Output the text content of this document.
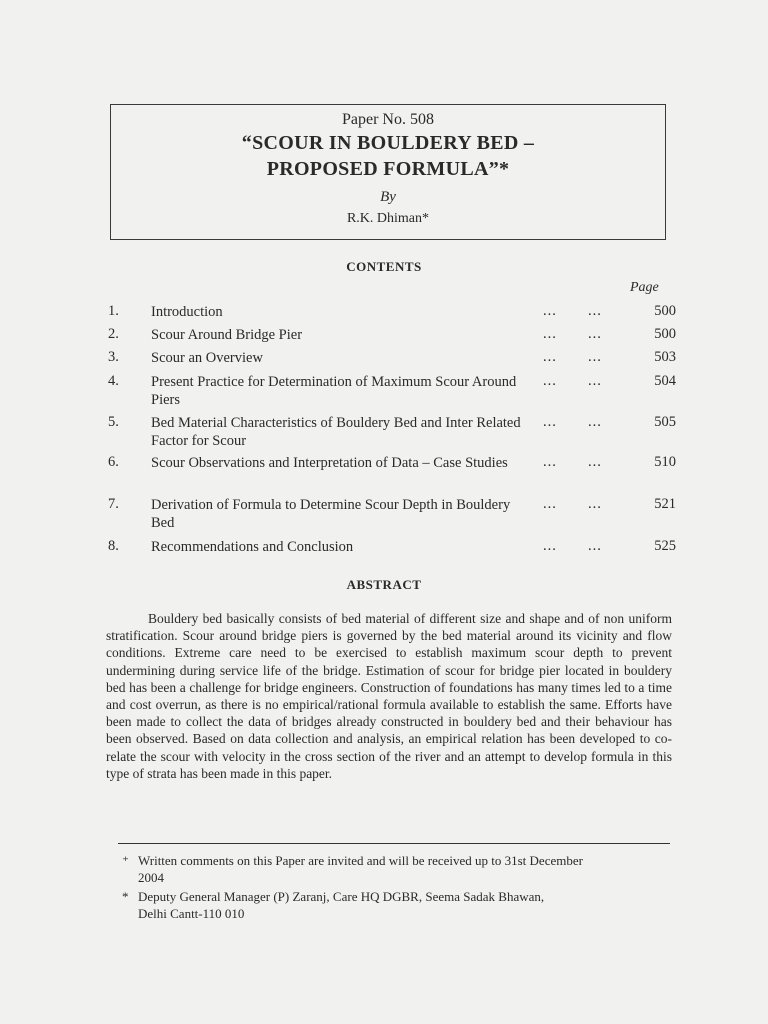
Paper No. 508
“SCOUR IN BOULDERY BED –
PROPOSED FORMULA”*
By
R.K. Dhiman*
CONTENTS
Page
1. Introduction	... ...	500
2. Scour Around Bridge Pier	... ...	500
3. Scour an Overview	... ...	503
4. Present Practice for Determination of Maximum Scour Around Piers
... ...	504
5. Bed Material Characteristics of Bouldery Bed and Inter Related Factor for Scour
... ...	505
6. Scour Observations and Interpretation of Data – Case Studies	... ...	510
7. Derivation of Formula to Determine Scour Depth in Bouldery Bed
... ...	521
8. Recommendations and Conclusion	... ...	525
ABSTRACT
Bouldery bed basically consists of bed material of different size and shape and of non uniform stratification. Scour around bridge piers is governed by the bed material around its vicinity and flow conditions. Extreme care need to be exercised to establish maximum scour depth to prevent undermining during service life of the bridge. Estimation of scour for bridge pier located in bouldery bed has been a challenge for bridge engineers. Construction of foundations has many times led to a time and cost overrun, as there is no empirical/rational formula available to establish the same. Efforts have been made to collect the data of bridges already constructed in bouldery bed and their behaviour has been observed. Based on data collection and analysis, an empirical relation has been developed to co-relate the scour with velocity in the cross section of the river and an attempt to develop formula in this type of strata has been made in this paper.
⁺ Written comments on this Paper are invited and will be received up to 31st December
2004
* Deputy General Manager (P) Zaranj, Care HQ DGBR, Seema Sadak Bhawan,
Delhi Cantt-110 010
